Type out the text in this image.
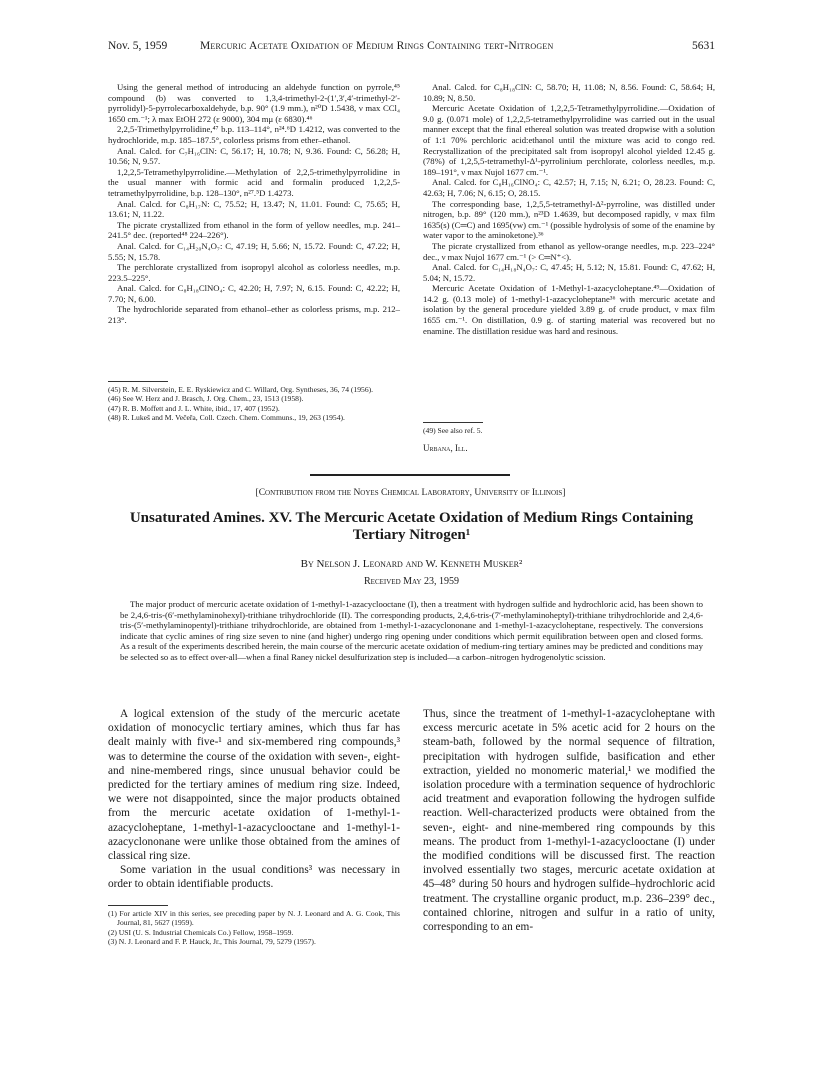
Nov. 5, 1959	Mercuric Acetate Oxidation of Medium Rings Containing tert-Nitrogen	5631

Using the general method of introducing an aldehyde function on pyrrole,⁴⁵ compound (b) was converted to 1,3,4-trimethyl-2-(1′,3′,4′-trimethyl-2′-pyrrolidyl)-5-pyrrolecarboxaldehyde, b.p. 90° (1.9 mm.), n²⁰D 1.5438, ν max CCl₄ 1650 cm.⁻¹; λ max EtOH 272 (ε 9000), 304 mμ (ε 6830).⁴⁶

2,2,5-Trimethylpyrrolidine,⁴⁷ b.p. 113–114°, n²⁴.⁶D 1.4212, was converted to the hydrochloride, m.p. 185–187.5°, colorless prisms from ether–ethanol.

Anal. Calcd. for C₇H₁₆ClN: C, 56.17; H, 10.78; N, 9.36. Found: C, 56.28; H, 10.56; N, 9.57.

1,2,2,5-Tetramethylpyrrolidine.—Methylation of 2,2,5-trimethylpyrrolidine in the usual manner with formic acid and formalin produced 1,2,2,5-tetramethylpyrrolidine, b.p. 128–130°, n²⁷.⁵D 1.4273.

Anal. Calcd. for C₈H₁₇N: C, 75.52; H, 13.47; N, 11.01. Found: C, 75.65; H, 13.61; N, 11.22.

The picrate crystallized from ethanol in the form of yellow needles, m.p. 241–241.5° dec. (reported⁴⁸ 224–226°).

Anal. Calcd. for C₁₄H₂₀N₄O₇: C, 47.19; H, 5.66; N, 15.72. Found: C, 47.22; H, 5.55; N, 15.78.

The perchlorate crystallized from isopropyl alcohol as colorless needles, m.p. 223.5–225°.

Anal. Calcd. for C₈H₁₈ClNO₄: C, 42.20; H, 7.97; N, 6.15. Found: C, 42.22; H, 7.70; N, 6.00.

The hydrochloride separated from ethanol–ether as colorless prisms, m.p. 212–213°.

(45) R. M. Silverstein, E. E. Ryskiewicz and C. Willard, Org. Syntheses, 36, 74 (1956).

(46) See W. Herz and J. Brasch, J. Org. Chem., 23, 1513 (1958).

(47) R. B. Moffett and J. L. White, ibid., 17, 407 (1952).

(48) R. Lukeš and M. Večeřa, Coll. Czech. Chem. Communs., 19, 263 (1954).

Anal. Calcd. for C₈H₁₈ClN: C, 58.70; H, 11.08; N, 8.56. Found: C, 58.64; H, 10.89; N, 8.50.

Mercuric Acetate Oxidation of 1,2,2,5-Tetramethylpyrrolidine.—Oxidation of 9.0 g. (0.071 mole) of 1,2,2,5-tetramethylpyrrolidine was carried out in the usual manner except that the final ethereal solution was treated dropwise with a solution of 1:1 70% perchloric acid:ethanol until the mixture was acid to congo red. Recrystallization of the precipitated salt from isopropyl alcohol yielded 12.45 g. (78%) of 1,2,5,5-tetramethyl-Δ¹-pyrrolinium perchlorate, colorless needles, m.p. 189–191°, ν max Nujol 1677 cm.⁻¹.

Anal. Calcd. for C₈H₁₆ClNO₄: C, 42.57; H, 7.15; N, 6.21; O, 28.23. Found: C, 42.63; H, 7.06; N, 6.15; O, 28.15.

The corresponding base, 1,2,5,5-tetramethyl-Δ²-pyrroline, was distilled under nitrogen, b.p. 89° (120 mm.), n²³D 1.4639, but decomposed rapidly, ν max film 1635(s) (C═C) and 1695(vw) cm.⁻¹ (possible hydrolysis of some of the enamine by water vapor to the aminoketone).³⁶

The picrate crystallized from ethanol as yellow-orange needles, m.p. 223–224° dec., ν max Nujol 1677 cm.⁻¹ (> C═N⁺<).

Anal. Calcd. for C₁₄H₁₈N₄O₇: C, 47.45; H, 5.12; N, 15.81. Found: C, 47.62; H, 5.04; N, 15.72.

Mercuric Acetate Oxidation of 1-Methyl-1-azacycloheptane.⁴⁹—Oxidation of 14.2 g. (0.13 mole) of 1-methyl-1-azacycloheptane³⁶ with mercuric acetate and isolation by the general procedure yielded 3.89 g. of crude product, ν max film 1655 cm.⁻¹. On distillation, 0.9 g. of starting material was recovered but no enamine. The distillation residue was hard and resinous.

(49) See also ref. 5.

Urbana, Ill.
[Contribution from the Noyes Chemical Laboratory, University of Illinois]
Unsaturated Amines. XV. The Mercuric Acetate Oxidation of Medium Rings Containing Tertiary Nitrogen¹
By Nelson J. Leonard and W. Kenneth Musker²
Received May 23, 1959
The major product of mercuric acetate oxidation of 1-methyl-1-azacyclooctane (I), then a treatment with hydrogen sulfide and hydrochloric acid, has been shown to be 2,4,6-tris-(6′-methylaminohexyl)-trithiane trihydrochloride (II). The corresponding products, 2,4,6-tris-(7′-methylaminoheptyl)-trithiane trihydrochloride and 2,4,6-tris-(5′-methylaminopentyl)-trithiane trihydrochloride, are obtained from 1-methyl-1-azacyclononane and 1-methyl-1-azacycloheptane, respectively. The conversions indicate that cyclic amines of ring size seven to nine (and higher) undergo ring opening under conditions which permit equilibration between open and closed forms. As a result of the experiments described herein, the main course of the mercuric acetate oxidation of medium-ring tertiary amines may be predicted and conditions may be selected so as to effect over-all—when a final Raney nickel desulfurization step is included—a carbon–nitrogen hydrogenolytic scission.

A logical extension of the study of the mercuric acetate oxidation of monocyclic tertiary amines, which thus far has dealt mainly with five-¹ and six-membered ring compounds,³ was to determine the course of the oxidation with seven-, eight- and nine-membered rings, since unusual behavior could be predicted for the tertiary amines of medium ring size. Indeed, we were not disappointed, since the major products obtained from the mercuric acetate oxidation of 1-methyl-1-azacycloheptane, 1-methyl-1-azacyclooctane and 1-methyl-1-azacyclononane were unlike those obtained from the amines of classical ring size.

Some variation in the usual conditions³ was necessary in order to obtain identifiable products.

(1) For article XIV in this series, see preceding paper by N. J. Leonard and A. G. Cook, This Journal, 81, 5627 (1959).

(2) USI (U. S. Industrial Chemicals Co.) Fellow, 1958–1959.

(3) N. J. Leonard and F. P. Hauck, Jr., This Journal, 79, 5279 (1957).

Thus, since the treatment of 1-methyl-1-azacycloheptane with excess mercuric acetate in 5% acetic acid for 2 hours on the steam-bath, followed by the normal sequence of filtration, precipitation with hydrogen sulfide, basification and ether extraction, yielded no monomeric material,¹ we modified the isolation procedure with a termination sequence of hydrochloric acid treatment and evaporation following the hydrogen sulfide reaction. Well-characterized products were obtained from the seven-, eight- and nine-membered ring compounds by this means. The product from 1-methyl-1-azacyclooctane (I) under the modified conditions will be discussed first. The reaction involved essentially two stages, mercuric acetate oxidation at 45–48° during 50 hours and hydrogen sulfide–hydrochloric acid treatment. The crystalline organic product, m.p. 236–239° dec., contained chlorine, nitrogen and sulfur in a ratio of unity, corresponding to an em-
